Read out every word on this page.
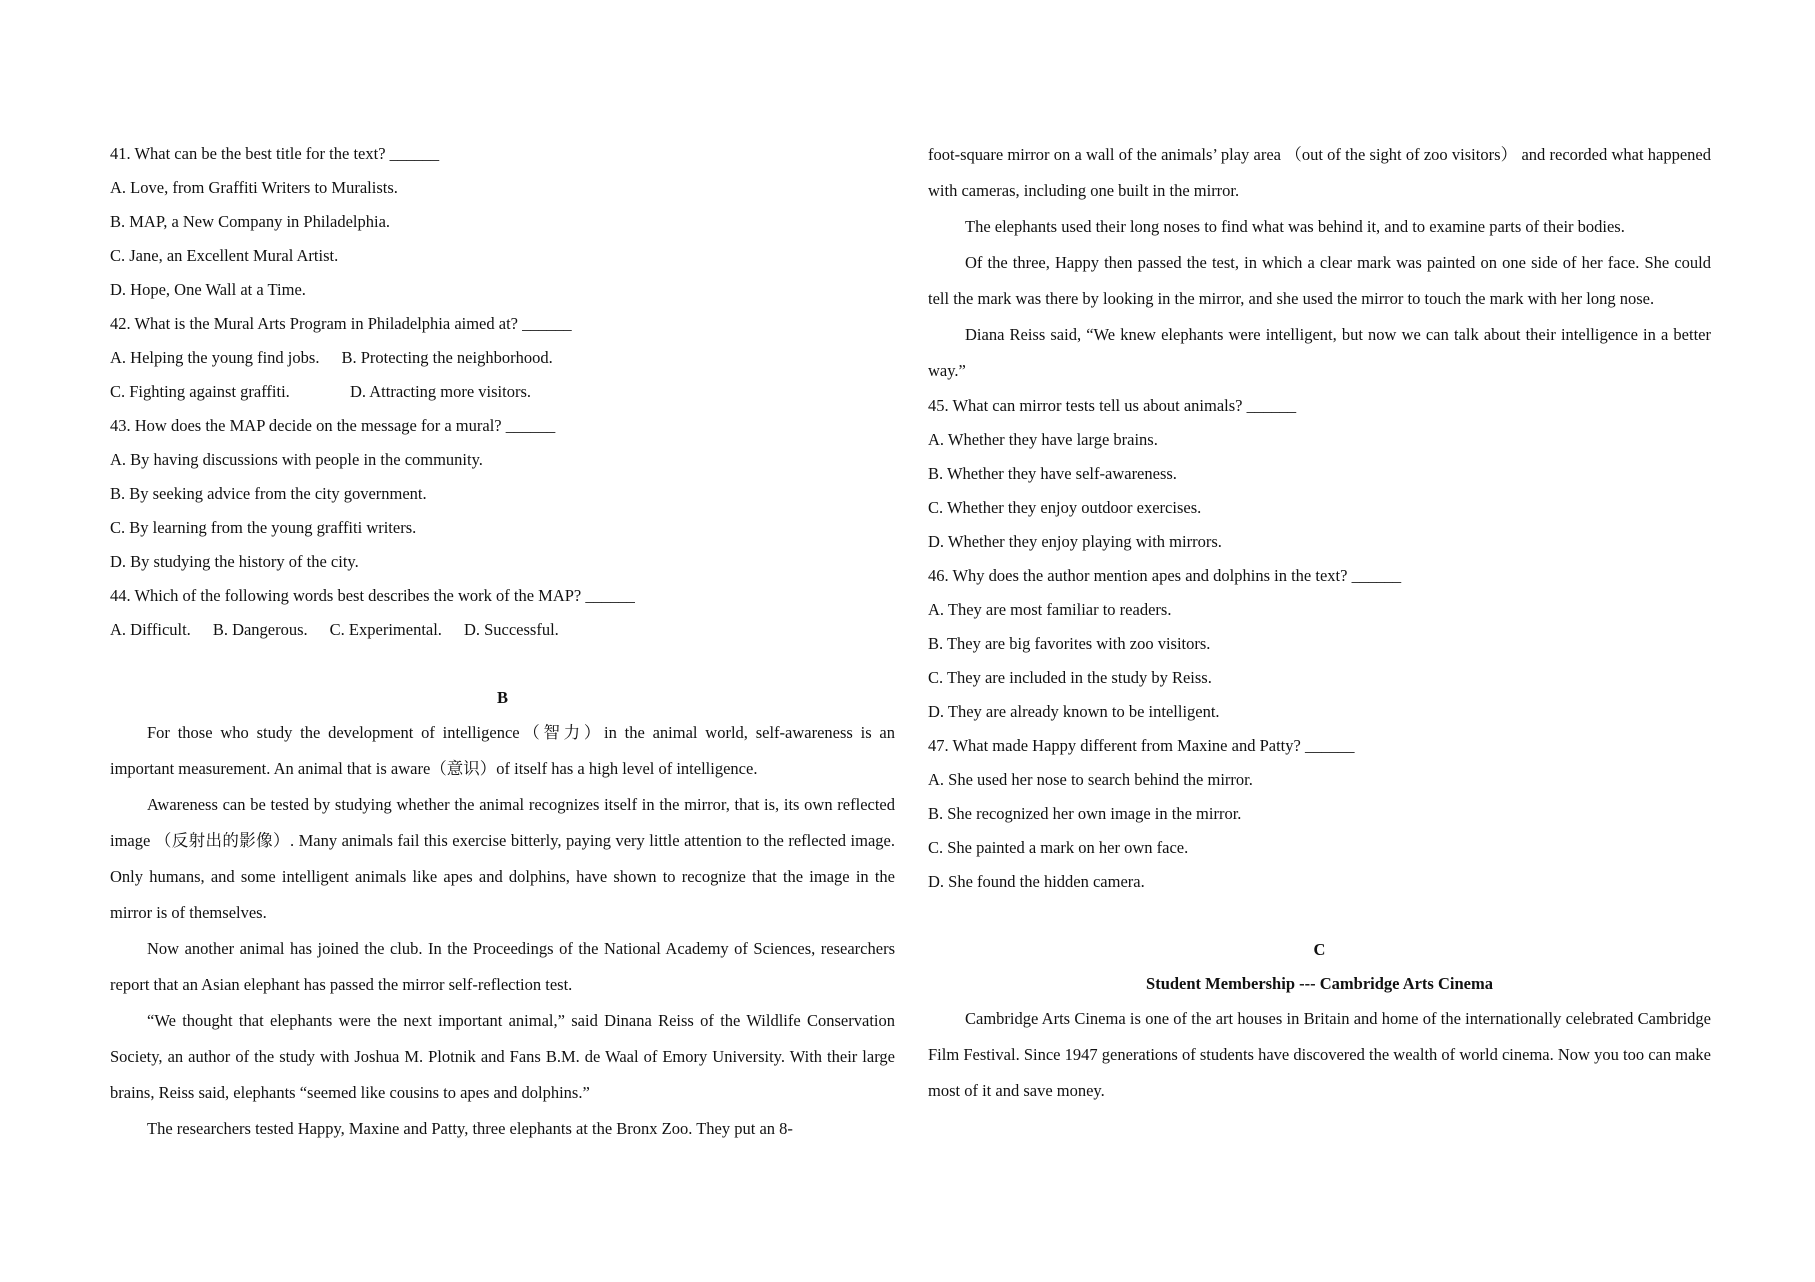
41. What can be the best title for the text? ______
A. Love, from Graffiti Writers to Muralists.
B. MAP, a New Company in Philadelphia.
C. Jane, an Excellent Mural Artist.
D. Hope, One Wall at a Time.
42. What is the Mural Arts Program in Philadelphia aimed at? ______
A. Helping the young find jobs. B. Protecting the neighborhood.
C. Fighting against graffiti.	D. Attracting more visitors.
43. How does the MAP decide on the message for a mural? ______
A. By having discussions with people in the community.
B. By seeking advice from the city government.
C. By learning from the young graffiti writers.
D. By studying the history of the city.
44. Which of the following words best describes the work of the MAP? ______
A. Difficult. B. Dangerous. C. Experimental. D. Successful.
B

For those who study the development of intelligence（智力）in the animal world, self-awareness is an important measurement. An animal that is aware（意识）of itself has a high level of intelligence.

Awareness can be tested by studying whether the animal recognizes itself in the mirror, that is, its own reflected image （反射出的影像）. Many animals fail this exercise bitterly, paying very little attention to the reflected image. Only humans, and some intelligent animals like apes and dolphins, have shown to recognize that the image in the mirror is of themselves.

Now another animal has joined the club. In the Proceedings of the National Academy of Sciences, researchers report that an Asian elephant has passed the mirror self-reflection test.

“We thought that elephants were the next important animal,” said Dinana Reiss of the Wildlife Conservation Society, an author of the study with Joshua M. Plotnik and Fans B.M. de Waal of Emory University. With their large brains, Reiss said, elephants “seemed like cousins to apes and dolphins.”

The researchers tested Happy, Maxine and Patty, three elephants at the Bronx Zoo. They put an 8-

foot-square mirror on a wall of the animals’ play area （out of the sight of zoo visitors） and recorded what happened with cameras, including one built in the mirror.

The elephants used their long noses to find what was behind it, and to examine parts of their bodies.

Of the three, Happy then passed the test, in which a clear mark was painted on one side of her face. She could tell the mark was there by looking in the mirror, and she used the mirror to touch the mark with her long nose.

Diana Reiss said, “We knew elephants were intelligent, but now we can talk about their intelligence in a better way.”

45. What can mirror tests tell us about animals? ______
A. Whether they have large brains.
B. Whether they have self-awareness.
C. Whether they enjoy outdoor exercises.
D. Whether they enjoy playing with mirrors.
46. Why does the author mention apes and dolphins in the text? ______
A. They are most familiar to readers.
B. They are big favorites with zoo visitors.
C. They are included in the study by Reiss.
D. They are already known to be intelligent.
47. What made Happy different from Maxine and Patty? ______
A. She used her nose to search behind the mirror.
B. She recognized her own image in the mirror.
C. She painted a mark on her own face.
D. She found the hidden camera.
C
Student Membership --- Cambridge Arts Cinema

Cambridge Arts Cinema is one of the art houses in Britain and home of the internationally celebrated Cambridge Film Festival. Since 1947 generations of students have discovered the wealth of world cinema. Now you too can make most of it and save money.
